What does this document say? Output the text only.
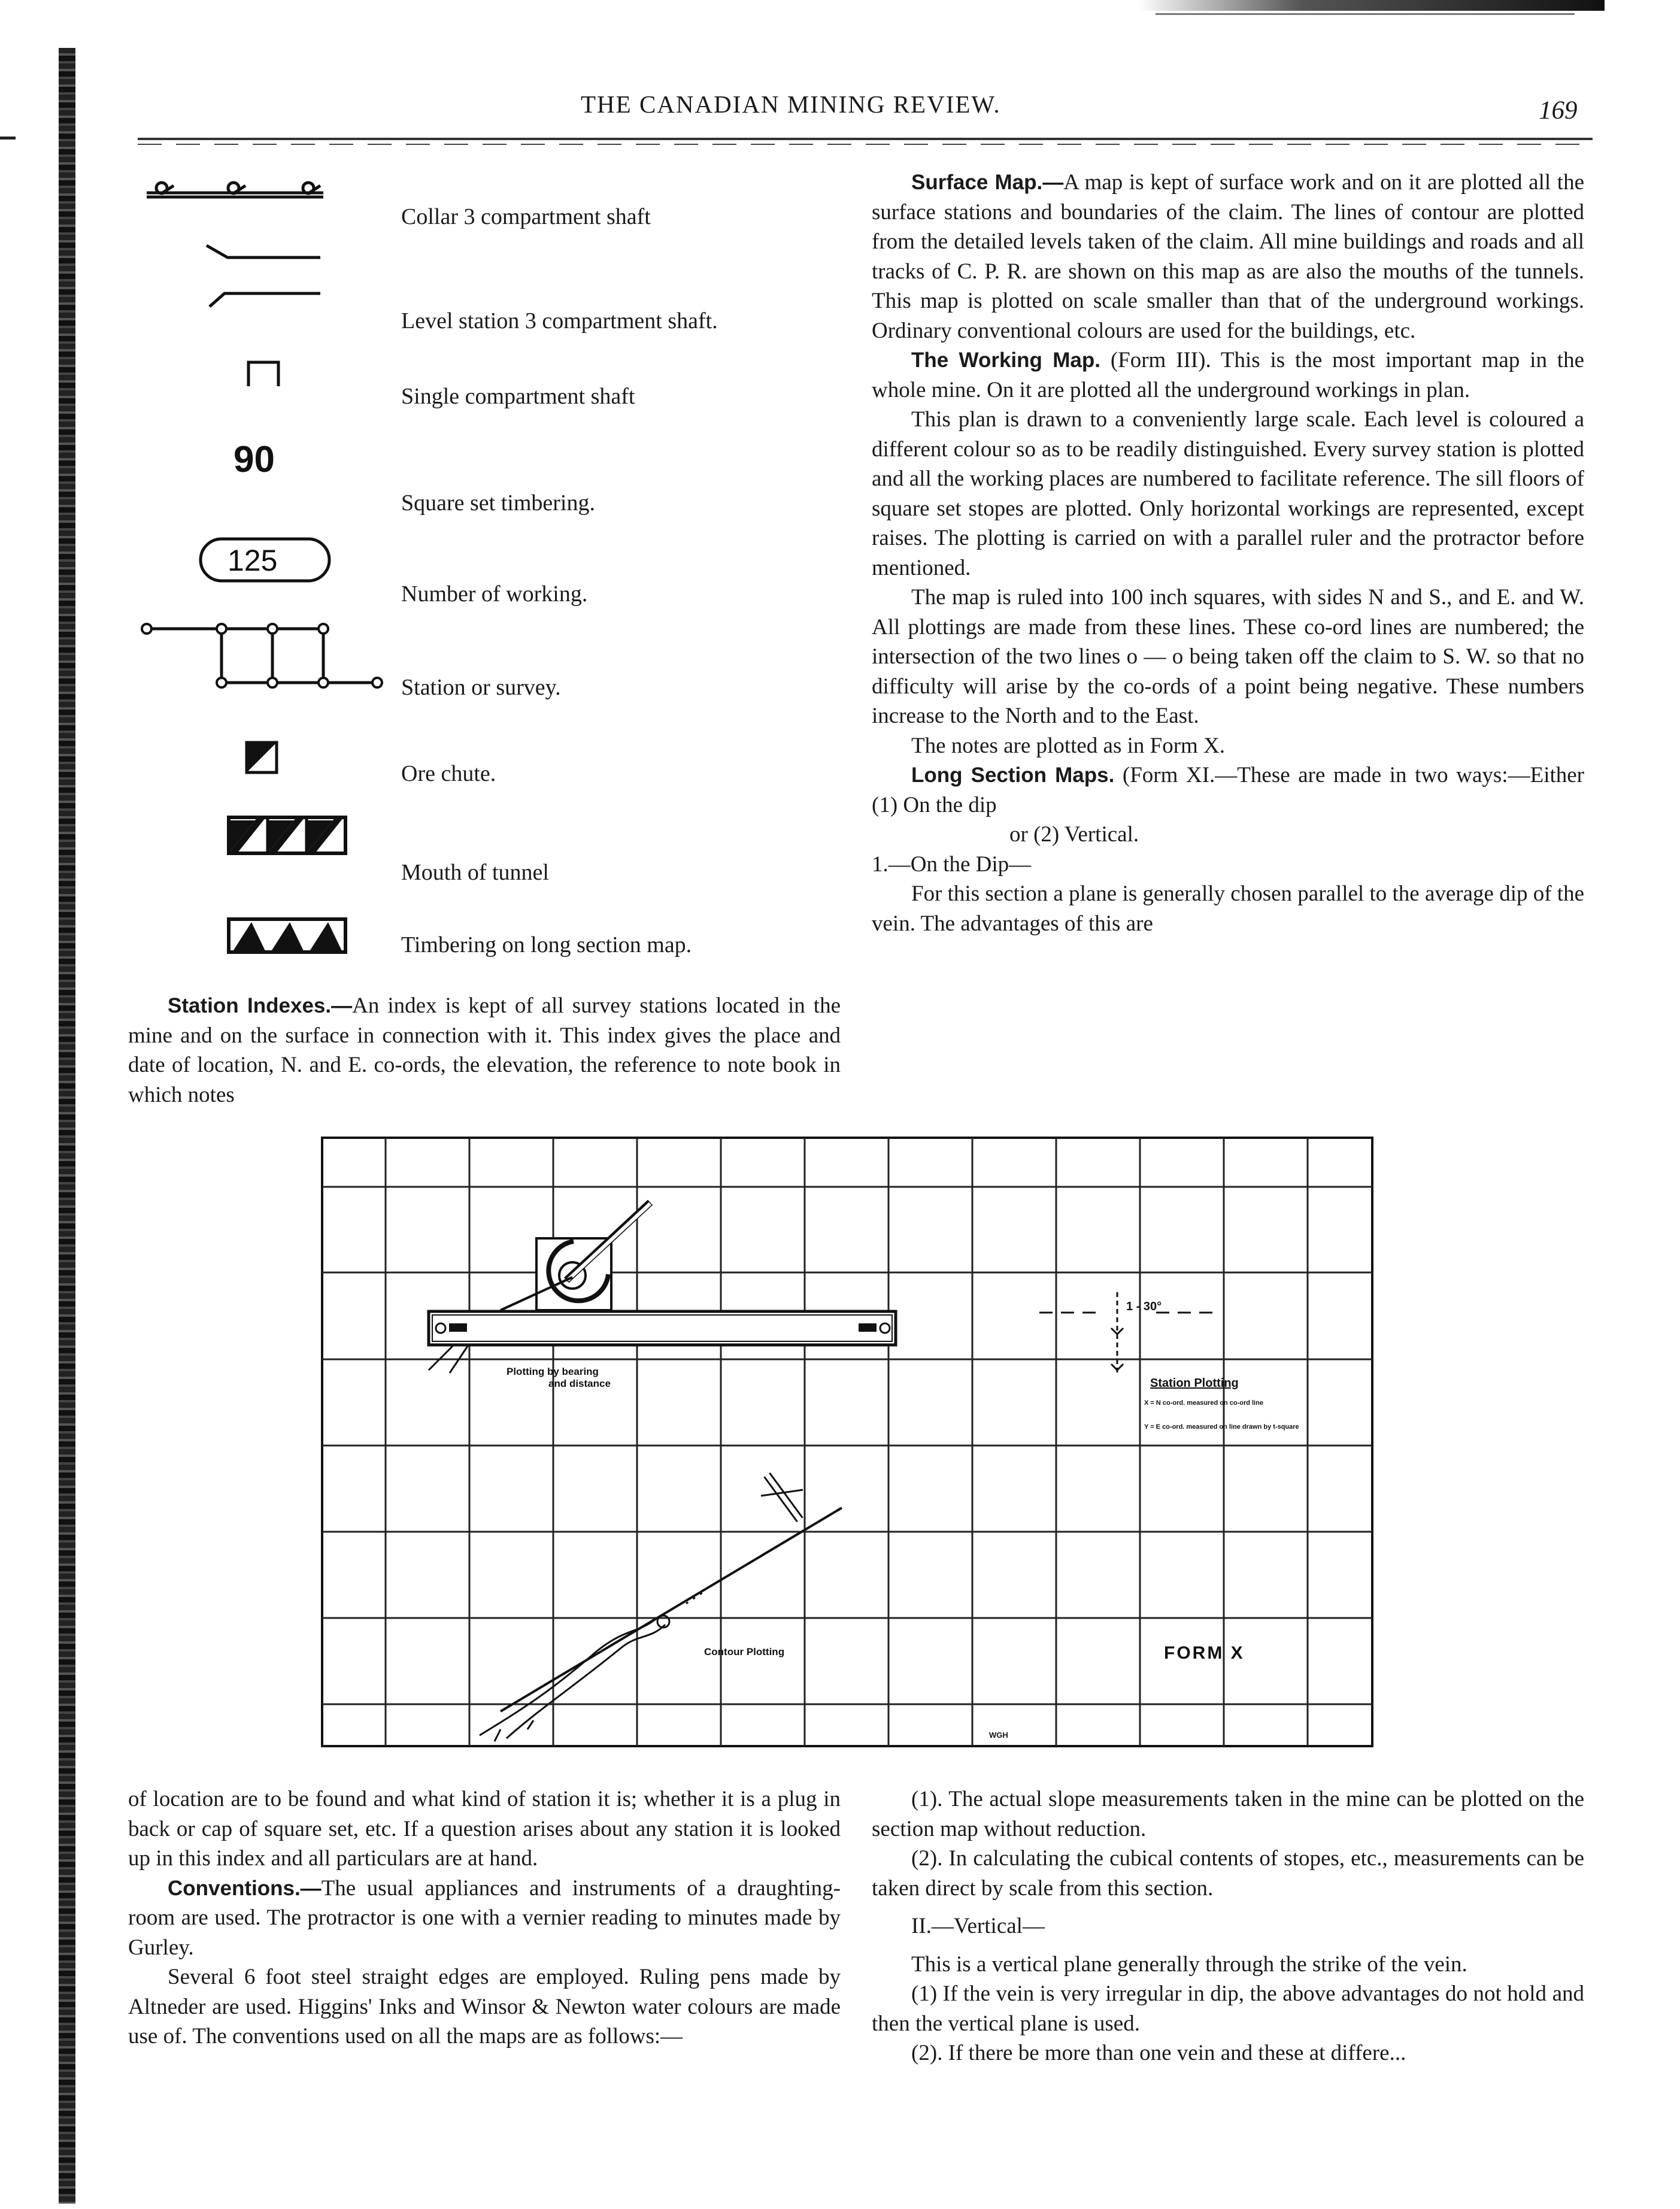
THE CANADIAN MINING REVIEW.	169
90
125
Collar 3 compartment shaft
Level station 3 compartment shaft.
Single compartment shaft
Square set timbering.
Number of working.
Station or survey.
Ore chute.
Mouth of tunnel
Timbering on long section map.

Station Indexes.—An index is kept of all survey stations located in the mine and on the surface in connection with it. This index gives the place and date of location, N. and E. co-ords, the elevation, the reference to note book in which notes

Surface Map.—A map is kept of surface work and on it are plotted all the surface stations and boundaries of the claim. The lines of contour are plotted from the detailed levels taken of the claim. All mine buildings and roads and all tracks of C. P. R. are shown on this map as are also the mouths of the tunnels. This map is plotted on scale smaller than that of the underground workings. Ordinary conventional colours are used for the buildings, etc.

The Working Map. (Form III). This is the most important map in the whole mine. On it are plotted all the underground workings in plan.

This plan is drawn to a conveniently large scale. Each level is coloured a different colour so as to be readily distinguished. Every survey station is plotted and all the working places are numbered to facilitate reference. The sill floors of square set stopes are plotted. Only horizontal workings are represented, except raises. The plotting is carried on with a parallel ruler and the protractor before mentioned.

The map is ruled into 100 inch squares, with sides N and S., and E. and W. All plottings are made from these lines. These co-ord lines are numbered; the intersection of the two lines o — o being taken off the claim to S. W. so that no difficulty will arise by the co-ords of a point being negative. These numbers increase to the North and to the East.

The notes are plotted as in Form X.

Long Section Maps. (Form XI.—These are made in two ways:—Either (1) On the dip

or (2) Vertical.

1.—On the Dip—

For this section a plane is generally chosen parallel to the average dip of the vein. The advantages of this are

Plotting by bearing
and distance
1 - 30°
Station Plotting
X = N co-ord. measured on co-ord line
Y = E co-ord. measured on line drawn by t-square
Contour Plotting	FORM X
WGH

of location are to be found and what kind of station it is; whether it is a plug in back or cap of square set, etc. If a question arises about any station it is looked up in this index and all particulars are at hand.

Conventions.—The usual appliances and instruments of a draughting-room are used. The protractor is one with a vernier reading to minutes made by Gurley.

Several 6 foot steel straight edges are employed. Ruling pens made by Altneder are used. Higgins' Inks and Winsor & Newton water colours are made use of. The conventions used on all the maps are as follows:—

(1). The actual slope measurements taken in the mine can be plotted on the section map without reduction.

(2). In calculating the cubical contents of stopes, etc., measurements can be taken direct by scale from this section.

II.—Vertical—

This is a vertical plane generally through the strike of the vein.

(1) If the vein is very irregular in dip, the above advantages do not hold and then the vertical plane is used.

(2). If there be more than one vein and these at differe...
